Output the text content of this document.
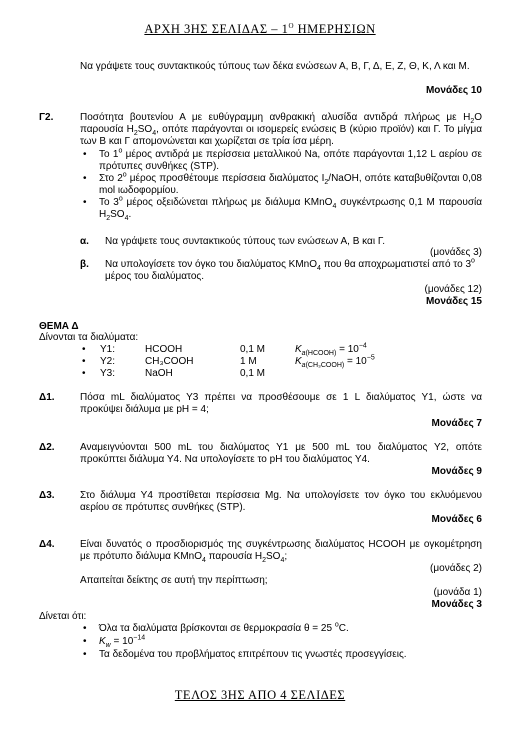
ΑΡΧΗ 3ΗΣ ΣΕΛΙΔΑΣ – $1^O$ ΗΜΕΡΗΣΙΩΝ
Να γράψετε τους συντακτικούς τύπους των δέκα ενώσεων Α, Β, Γ, Δ, Ε, Ζ, Θ, Κ, Λ και Μ.
Μονάδες 10
Γ2.	Ποσότητα βουτενίου Α με ευθύγραμμη ανθρακική αλυσίδα αντιδρά πλήρως με $H_2O$ παρουσία $H_2SO_4$, οπότε παράγονται οι ισομερείς ενώσεις Β (κύριο προϊόν) και Γ. Το μίγμα των Β και Γ απομονώνεται και χωρίζεται σε τρία ίσα μέρη.
• Το $1^o$ μέρος αντιδρά με περίσσεια μεταλλικού Na, οπότε παράγονται 1,12 L αερίου σε πρότυπες συνθήκες (STP).
• Στο $2^o$ μέρος προσθέτουμε περίσσεια διαλύματος $I_2$/NaOH, οπότε καταβυθίζονται 0,08 mol ιωδοφορμίου.
• Το $3^o$ μέρος οξειδώνεται πλήρως με διάλυμα KMnO$_4$ συγκέντρωσης 0,1 M παρουσία $H_2SO_4$.
α. Να γράψετε τους συντακτικούς τύπους των ενώσεων Α, Β και Γ.
(μονάδες 3)
β. Να υπολογίσετε τον όγκο του διαλύματος KMnO$_4$ που θα αποχρωματιστεί από το $3^o$ μέρος του διαλύματος.
(μονάδες 12)
Μονάδες 15
ΘΕΜΑ Δ
Δίνονται τα διαλύματα:
• Υ1:	HCOOH	0,1 M	$K_{a(HCOOH)} = 10^{-4}$
• Υ2:	CH₃COOH	1 M	$K_{a(CH_3COOH)} = 10^{-5}$
• Υ3:	NaOH	0,1 M
Δ1.	Πόσα mL διαλύματος Υ3 πρέπει να προσθέσουμε σε 1 L διαλύματος Υ1, ώστε να προκύψει διάλυμα με pH = 4;
Μονάδες 7
Δ2.	Αναμειγνύονται 500 mL του διαλύματος Υ1 με 500 mL του διαλύματος Υ2, οπότε προκύπτει διάλυμα Υ4. Να υπολογίσετε το pH του διαλύματος Υ4.
Μονάδες 9
Δ3.	Στο διάλυμα Υ4 προστίθεται περίσσεια Mg. Να υπολογίσετε τον όγκο του εκλυόμενου αερίου σε πρότυπες συνθήκες (STP).
Μονάδες 6
Δ4.	Είναι δυνατός ο προσδιορισμός της συγκέντρωσης διαλύματος HCOOH με ογκομέτρηση με πρότυπο διάλυμα KMnO$_4$ παρουσία $H_2SO_4$;
(μονάδες 2)
Απαιτείται δείκτης σε αυτή την περίπτωση;
(μονάδα 1)
Μονάδες 3
Δίνεται ότι:
• Όλα τα διαλύματα βρίσκονται σε θερμοκρασία θ = 25 $^o$C.
• $K_w = 10^{-14}$
• Τα δεδομένα του προβλήματος επιτρέπουν τις γνωστές προσεγγίσεις.
ΤΕΛΟΣ 3ΗΣ ΑΠΟ 4 ΣΕΛΙΔΕΣ
